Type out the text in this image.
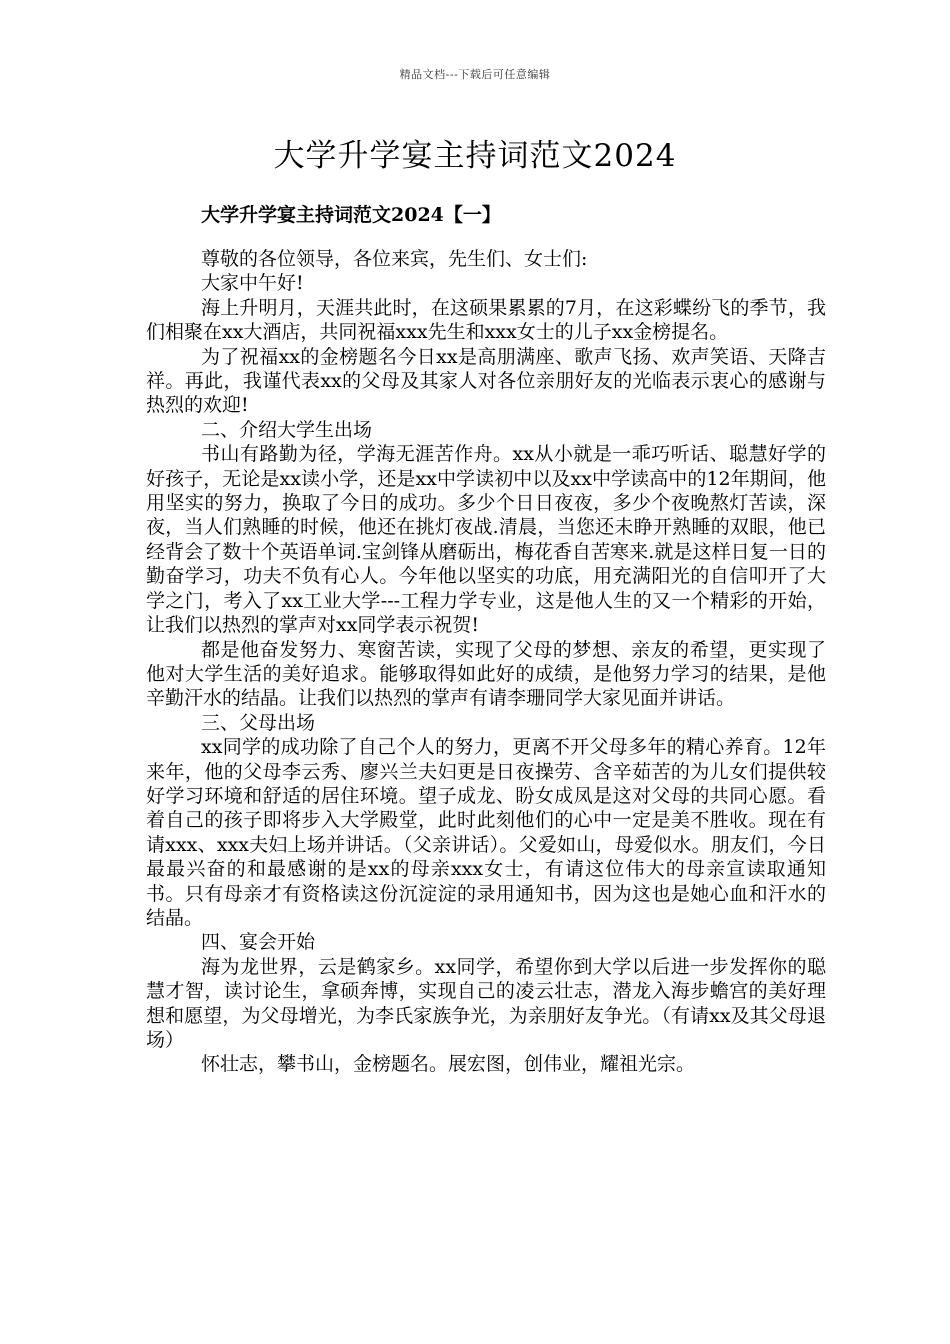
精品文档---下载后可任意编辑
大学升学宴主持词范文2024
大学升学宴主持词范文2024【一】

尊敬的各位领导，各位来宾，先生们、女士们:

大家中午好!

海上升明月，天涯共此时，在这硕果累累的7月，在这彩蝶纷飞的季节，我们相聚在xx大酒店，共同祝福xxx先生和xxx女士的儿子xx金榜提名。

为了祝福xx的金榜题名今日xx是高朋满座、歌声飞扬、欢声笑语、天降吉祥。再此，我谨代表xx的父母及其家人对各位亲朋好友的光临表示衷心的感谢与热烈的欢迎!

二、介绍大学生出场

书山有路勤为径，学海无涯苦作舟。xx从小就是一乖巧听话、聪慧好学的好孩子，无论是xx读小学，还是xx中学读初中以及xx中学读高中的12年期间，他用坚实的努力，换取了今日的成功。多少个日日夜夜，多少个夜晚熬灯苦读，深夜，当人们熟睡的时候，他还在挑灯夜战.清晨，当您还未睁开熟睡的双眼，他已经背会了数十个英语单词.宝剑锋从磨砺出，梅花香自苦寒来.就是这样日复一日的勤奋学习，功夫不负有心人。今年他以坚实的功底，用充满阳光的自信叩开了大学之门，考入了xx工业大学---工程力学专业，这是他人生的又一个精彩的开始，让我们以热烈的掌声对xx同学表示祝贺!

都是他奋发努力、寒窗苦读，实现了父母的梦想、亲友的希望，更实现了他对大学生活的美好追求。能够取得如此好的成绩，是他努力学习的结果，是他辛勤汗水的结晶。让我们以热烈的掌声有请李珊同学大家见面并讲话。

三、父母出场

xx同学的成功除了自己个人的努力，更离不开父母多年的精心养育。12年来年，他的父母李云秀、廖兴兰夫妇更是日夜操劳、含辛茹苦的为儿女们提供较好学习环境和舒适的居住环境。望子成龙、盼女成凤是这对父母的共同心愿。看着自己的孩子即将步入大学殿堂，此时此刻他们的心中一定是美不胜收。现在有请xxx、xxx夫妇上场并讲话。（父亲讲话）。父爱如山，母爱似水。朋友们，今日最最兴奋的和最感谢的是xx的母亲xxx女士，有请这位伟大的母亲宣读取通知书。只有母亲才有资格读这份沉淀淀的录用通知书，因为这也是她心血和汗水的结晶。

四、宴会开始

海为龙世界，云是鹤家乡。xx同学，希望你到大学以后进一步发挥你的聪慧才智，读讨论生，拿硕奔博，实现自己的凌云壮志，潜龙入海步蟾宫的美好理想和愿望，为父母增光，为李氏家族争光，为亲朋好友争光。（有请xx及其父母退场）

怀壮志，攀书山，金榜题名。展宏图，创伟业，耀祖光宗。
